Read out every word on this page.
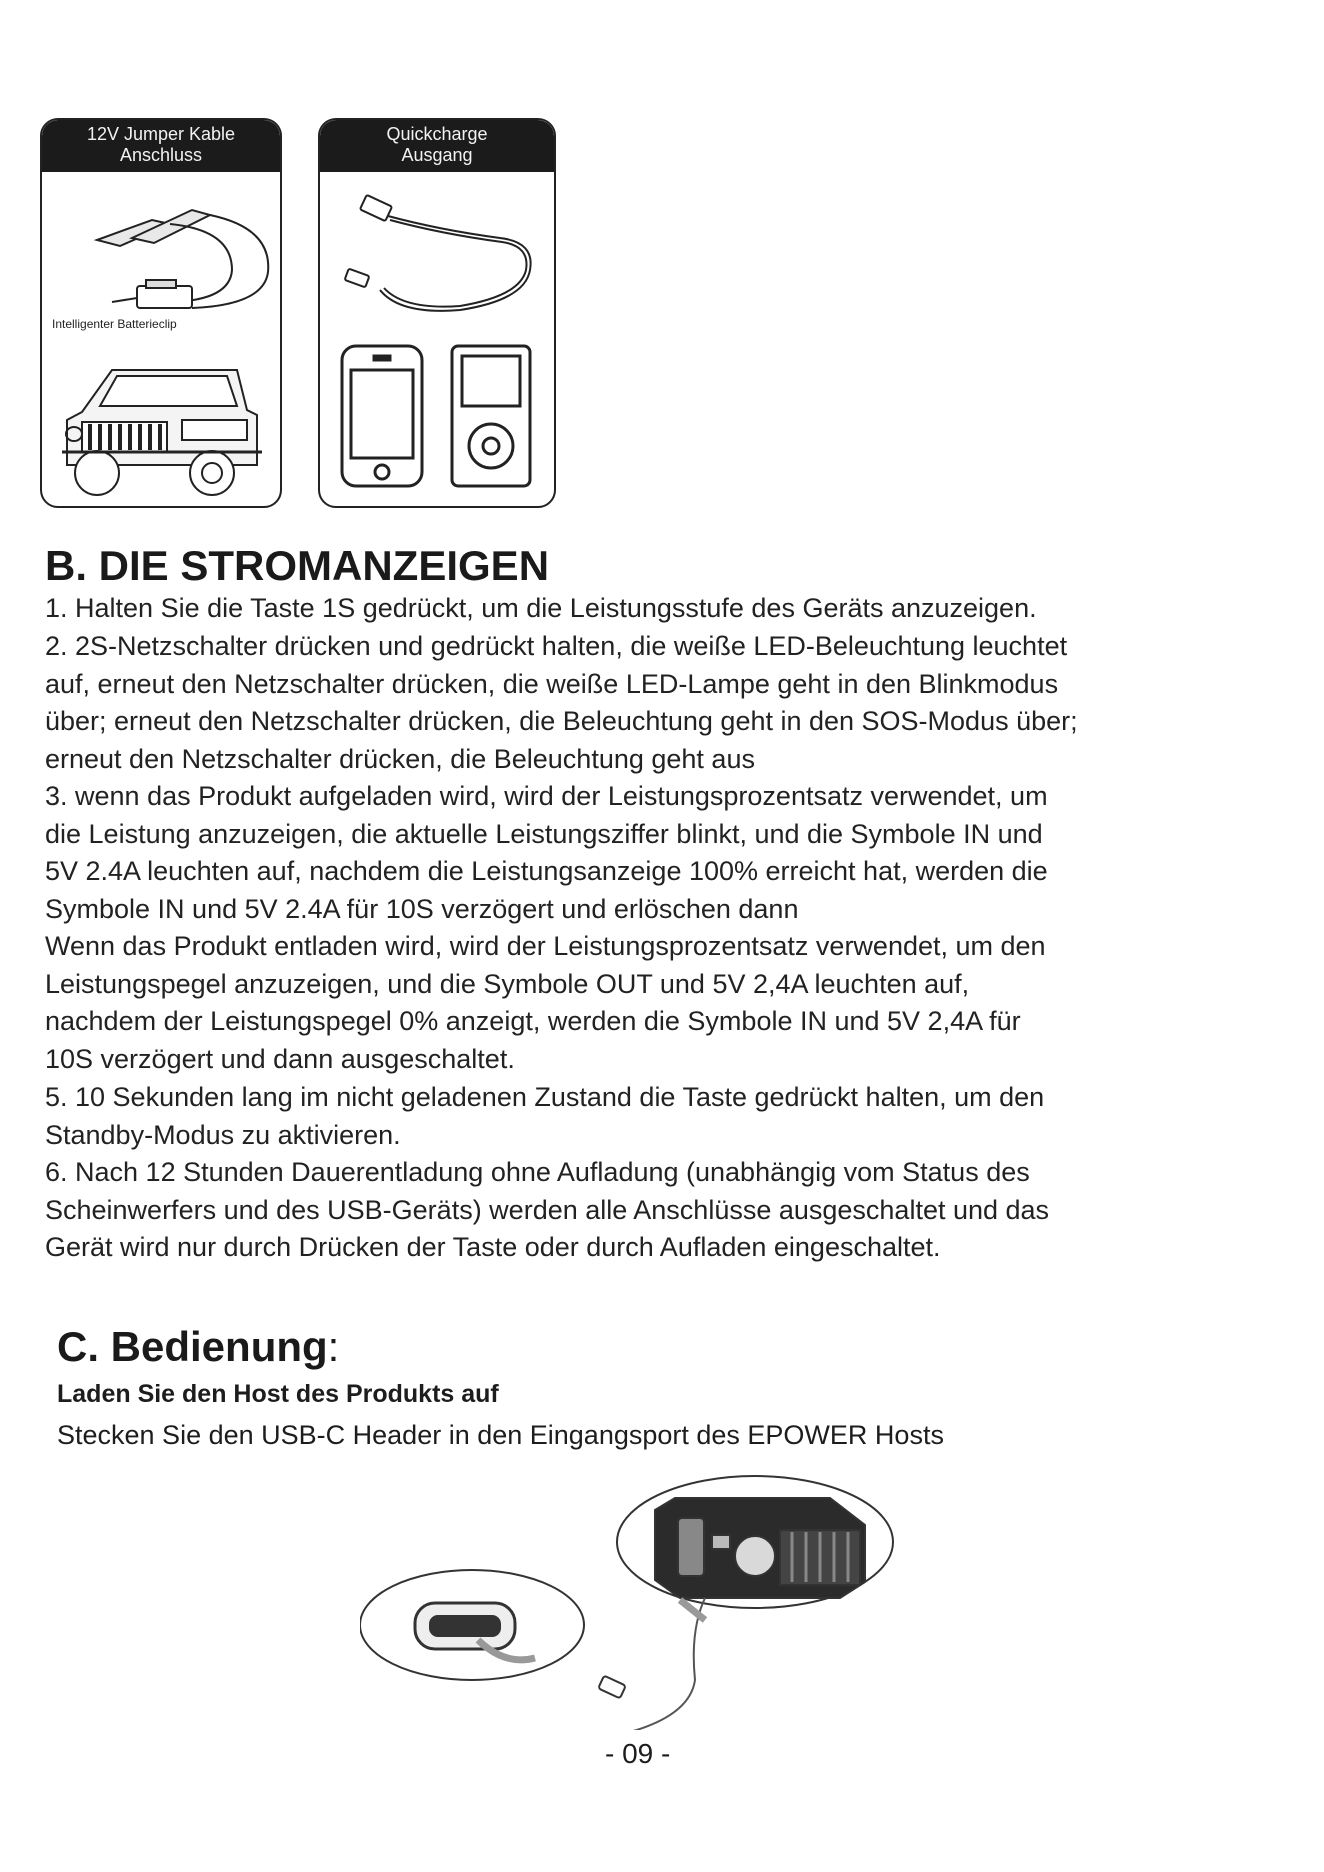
12V Jumper Kable
Anschluss
Intelligenter Batterieclip
Quickcharge
Ausgang
B. DIE STROMANZEIGEN
1. Halten Sie die Taste 1S gedrückt, um die Leistungsstufe des Geräts anzuzeigen.
2. 2S-Netzschalter drücken und gedrückt halten, die weiße LED-Beleuchtung leuchtet
auf, erneut den Netzschalter drücken, die weiße LED-Lampe geht in den Blinkmodus
über; erneut den Netzschalter drücken, die Beleuchtung geht in den SOS-Modus über;
erneut den Netzschalter drücken, die Beleuchtung geht aus
3. wenn das Produkt aufgeladen wird, wird der Leistungsprozentsatz verwendet, um
die Leistung anzuzeigen, die aktuelle Leistungsziffer blinkt, und die Symbole IN und
5V 2.4A leuchten auf, nachdem die Leistungsanzeige 100% erreicht hat, werden die
Symbole IN und 5V 2.4A für 10S verzögert und erlöschen dann
Wenn das Produkt entladen wird, wird der Leistungsprozentsatz verwendet, um den
Leistungspegel anzuzeigen, und die Symbole OUT und 5V 2,4A leuchten auf,
nachdem der Leistungspegel 0% anzeigt, werden die Symbole IN und 5V 2,4A für
10S verzögert und dann ausgeschaltet.
5. 10 Sekunden lang im nicht geladenen Zustand die Taste gedrückt halten, um den
Standby-Modus zu aktivieren.
6. Nach 12 Stunden Dauerentladung ohne Aufladung (unabhängig vom Status des
Scheinwerfers und des USB-Geräts) werden alle Anschlüsse ausgeschaltet und das
Gerät wird nur durch Drücken der Taste oder durch Aufladen eingeschaltet.
C. Bedienung:
Laden Sie den Host des Produkts auf

Stecken Sie den USB-C Header in den Eingangsport des EPOWER Hosts

- 09 -
